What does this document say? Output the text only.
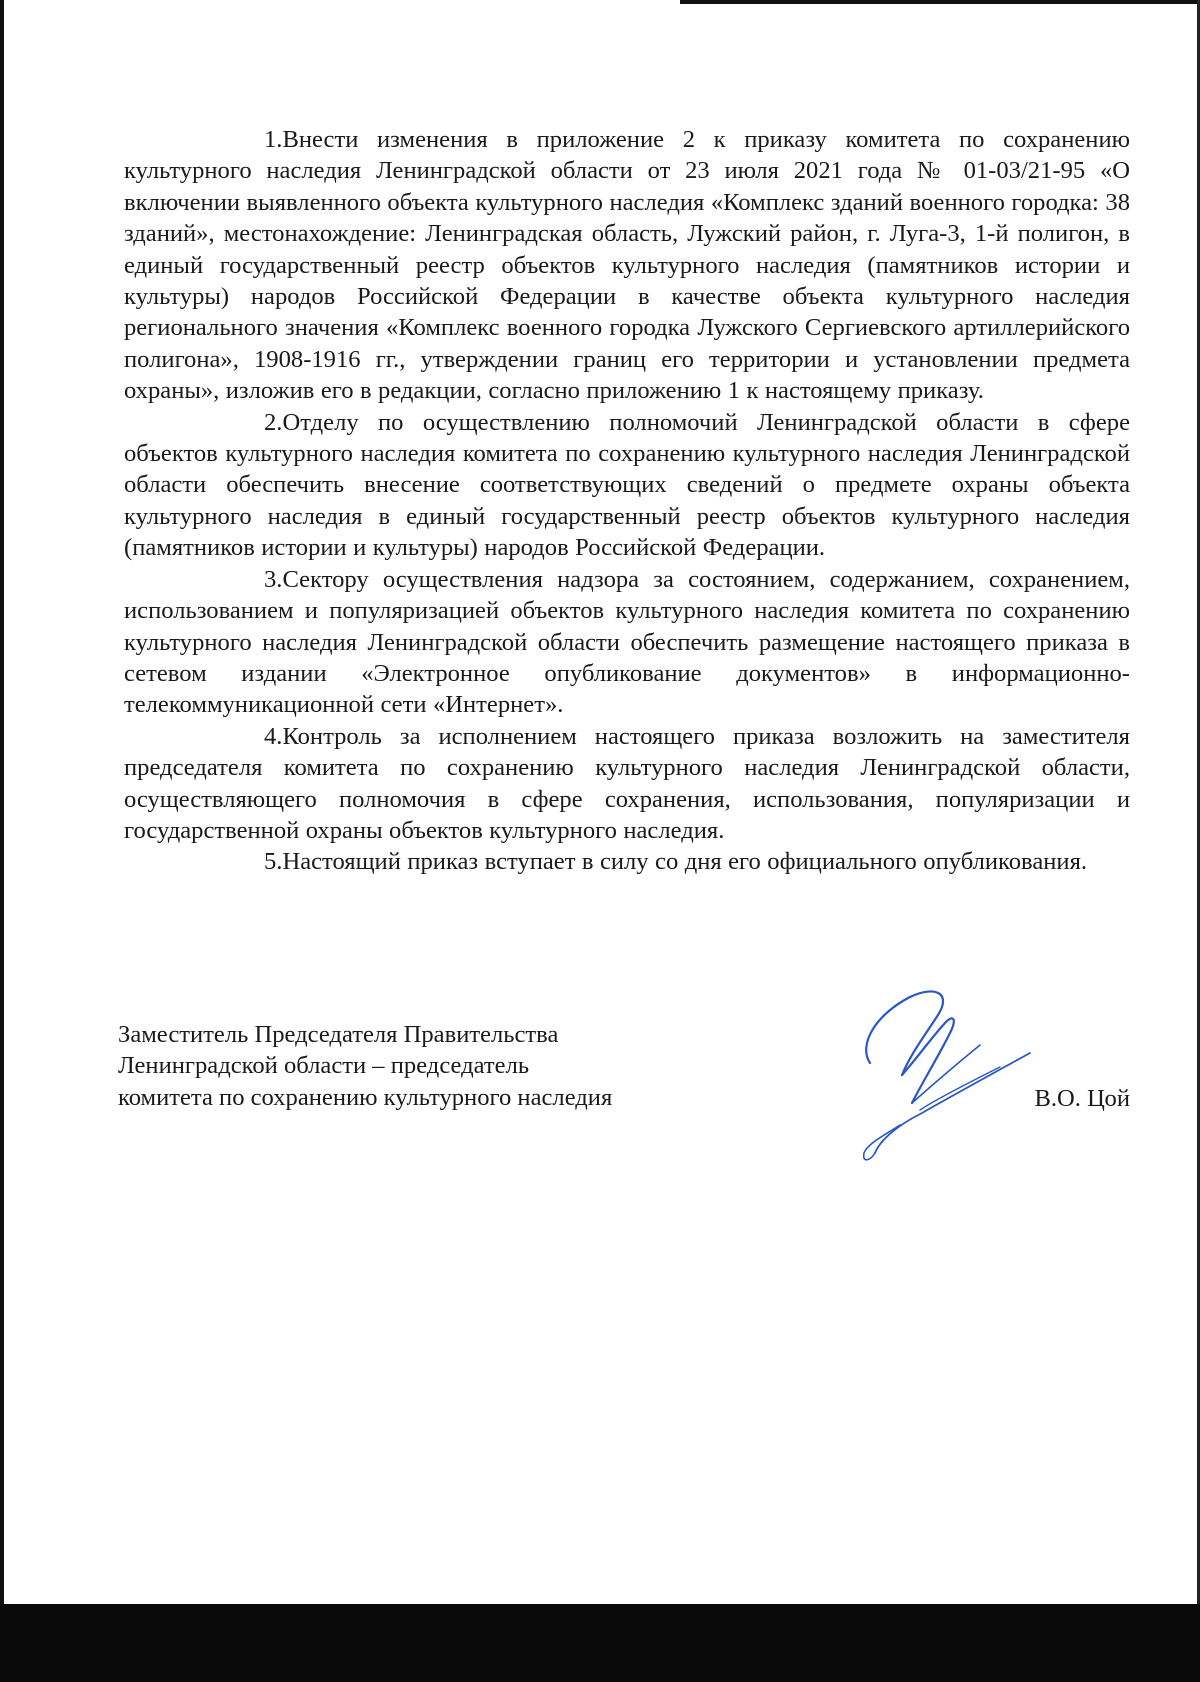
1.Внести изменения в приложение 2 к приказу комитета по сохранению культурного наследия Ленинградской области от 23 июля 2021 года № 01-03/21-95 «О включении выявленного объекта культурного наследия «Комплекс зданий военного городка: 38 зданий», местонахождение: Ленинградская область, Лужский район, г. Луга-3, 1-й полигон, в единый государственный реестр объектов культурного наследия (памятников истории и культуры) народов Российской Федерации в качестве объекта культурного наследия регионального значения «Комплекс военного городка Лужского Сергиевского артиллерийского полигона», 1908-1916 гг., утверждении границ его территории и установлении предмета охраны», изложив его в редакции, согласно приложению 1 к настоящему приказу.

2.Отделу по осуществлению полномочий Ленинградской области в сфере объектов культурного наследия комитета по сохранению культурного наследия Ленинградской области обеспечить внесение соответствующих сведений о предмете охраны объекта культурного наследия в единый государственный реестр объектов культурного наследия (памятников истории и культуры) народов Российской Федерации.

3.Сектору осуществления надзора за состоянием, содержанием, сохранением, использованием и популяризацией объектов культурного наследия комитета по сохранению культурного наследия Ленинградской области обеспечить размещение настоящего приказа в сетевом издании «Электронное опубликование документов» в информационно-телекоммуникационной сети «Интернет».

4.Контроль за исполнением настоящего приказа возложить на заместителя председателя комитета по сохранению культурного наследия Ленинградской области, осуществляющего полномочия в сфере сохранения, использования, популяризации и государственной охраны объектов культурного наследия.

5.Настоящий приказ вступает в силу со дня его официального опубликования.

Заместитель Председателя Правительства
Ленинградской области – председатель
комитета по сохранению культурного наследия	В.О. Цой
